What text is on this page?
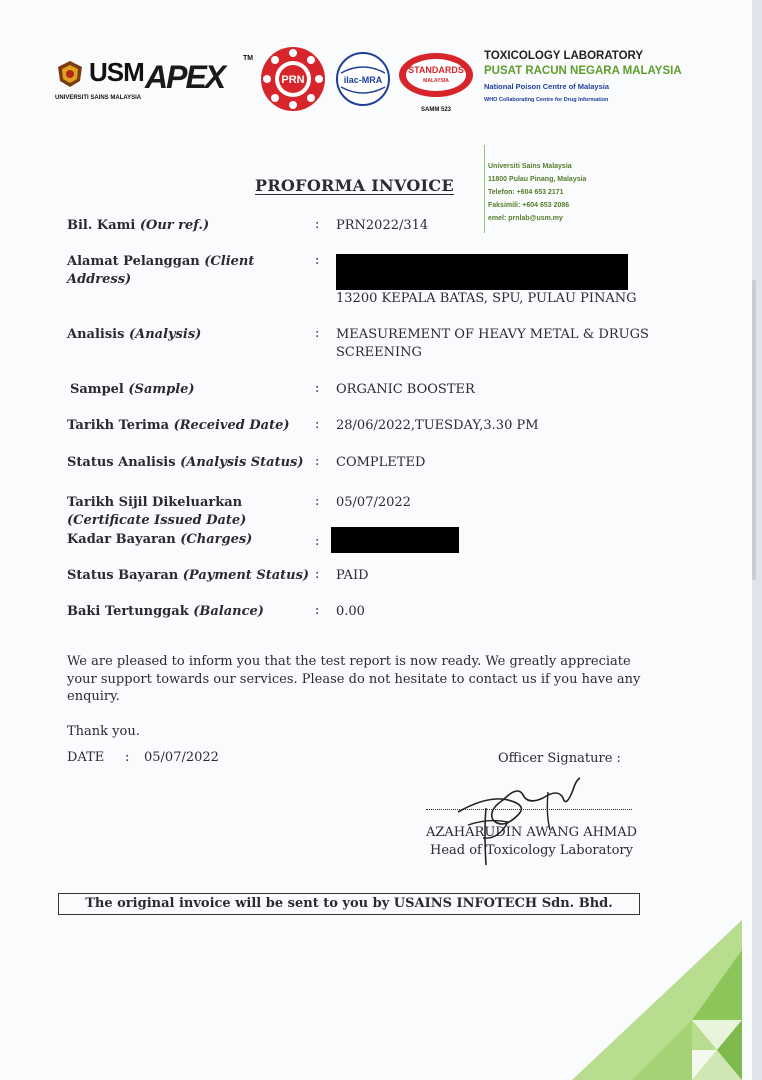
USM
UNIVERSITI SAINS MALAYSIA
APEX
TM
PRN	ilac-MRA
STANDARDS
MALAYSIA
SAMM 523
TOXICOLOGY LABORATORY
PUSAT RACUN NEGARA MALAYSIA
National Poison Centre of Malaysia
WHO Collaborating Centre for Drug Information
Universiti Sains Malaysia
11800 Pulau Pinang, Malaysia
Telefon: +604 653 2171
Faksimili: +604 653 2086
emel: prnlab@usm.my
PROFORMA INVOICE
Bil. Kami (Our ref.)	: PRN2022/314
Alamat Pelanggan (Client
Address)
:
13200 KEPALA BATAS, SPU, PULAU PINANG
Analisis (Analysis)	: MEASUREMENT OF HEAVY METAL & DRUGS
SCREENING
Sampel (Sample)	: ORGANIC BOOSTER
Tarikh Terima (Received Date)	: 28/06/2022,TUESDAY,3.30 PM
Status Analisis (Analysis Status) : COMPLETED
Tarikh Sijil Dikeluarkan
(Certificate Issued Date)
: 05/07/2022
Kadar Bayaran (Charges)	:
Status Bayaran (Payment Status) : PAID
Baki Tertunggak (Balance)	: 0.00
We are pleased to inform you that the test report is now ready. We greatly appreciate your support towards our services. Please do not hesitate to contact us if you have any enquiry.
Thank you.
DATE : 05/07/2022	Officer Signature :
AZAHARUDIN AWANG AHMAD
Head of Toxicology Laboratory
The original invoice will be sent to you by USAINS INFOTECH Sdn. Bhd.
